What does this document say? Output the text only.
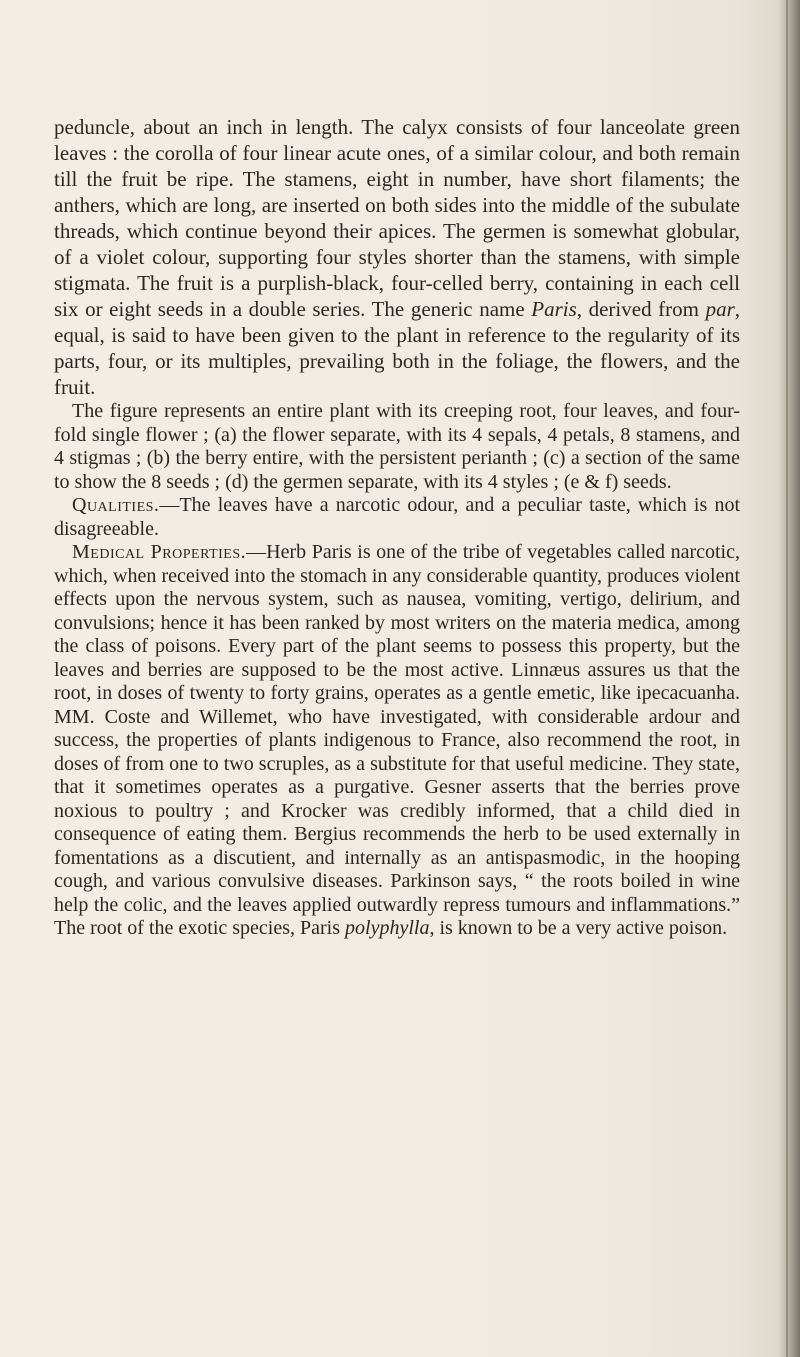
peduncle, about an inch in length. The calyx consists of four lanceolate green leaves : the corolla of four linear acute ones, of a similar colour, and both remain till the fruit be ripe. The stamens, eight in number, have short filaments; the anthers, which are long, are inserted on both sides into the middle of the subulate threads, which continue beyond their apices. The germen is somewhat globular, of a violet colour, supporting four styles shorter than the stamens, with simple stigmata. The fruit is a purplish-black, four-celled berry, containing in each cell six or eight seeds in a double series. The generic name Paris, derived from par, equal, is said to have been given to the plant in reference to the regularity of its parts, four, or its multiples, prevailing both in the foliage, the flowers, and the fruit.

The figure represents an entire plant with its creeping root, four leaves, and four-fold single flower ; (a) the flower separate, with its 4 sepals, 4 petals, 8 stamens, and 4 stigmas ; (b) the berry entire, with the persistent perianth ; (c) a section of the same to show the 8 seeds ; (d) the germen separate, with its 4 styles ; (e & f) seeds.

Qualities.—The leaves have a narcotic odour, and a peculiar taste, which is not disagreeable.

Medical Properties.—Herb Paris is one of the tribe of vegetables called narcotic, which, when received into the stomach in any considerable quantity, produces violent effects upon the nervous system, such as nausea, vomiting, vertigo, delirium, and convulsions; hence it has been ranked by most writers on the materia medica, among the class of poisons. Every part of the plant seems to possess this property, but the leaves and berries are supposed to be the most active. Linnæus assures us that the root, in doses of twenty to forty grains, operates as a gentle emetic, like ipecacuanha. MM. Coste and Willemet, who have investigated, with considerable ardour and success, the properties of plants indigenous to France, also recommend the root, in doses of from one to two scruples, as a substitute for that useful medicine. They state, that it sometimes operates as a purgative. Gesner asserts that the berries prove noxious to poultry ; and Krocker was credibly informed, that a child died in consequence of eating them. Bergius recommends the herb to be used externally in fomentations as a discutient, and internally as an antispasmodic, in the hooping cough, and various convulsive diseases. Parkinson says, “ the roots boiled in wine help the colic, and the leaves applied outwardly repress tumours and inflammations.” The root of the exotic species, Paris polyphylla, is known to be a very active poison.
